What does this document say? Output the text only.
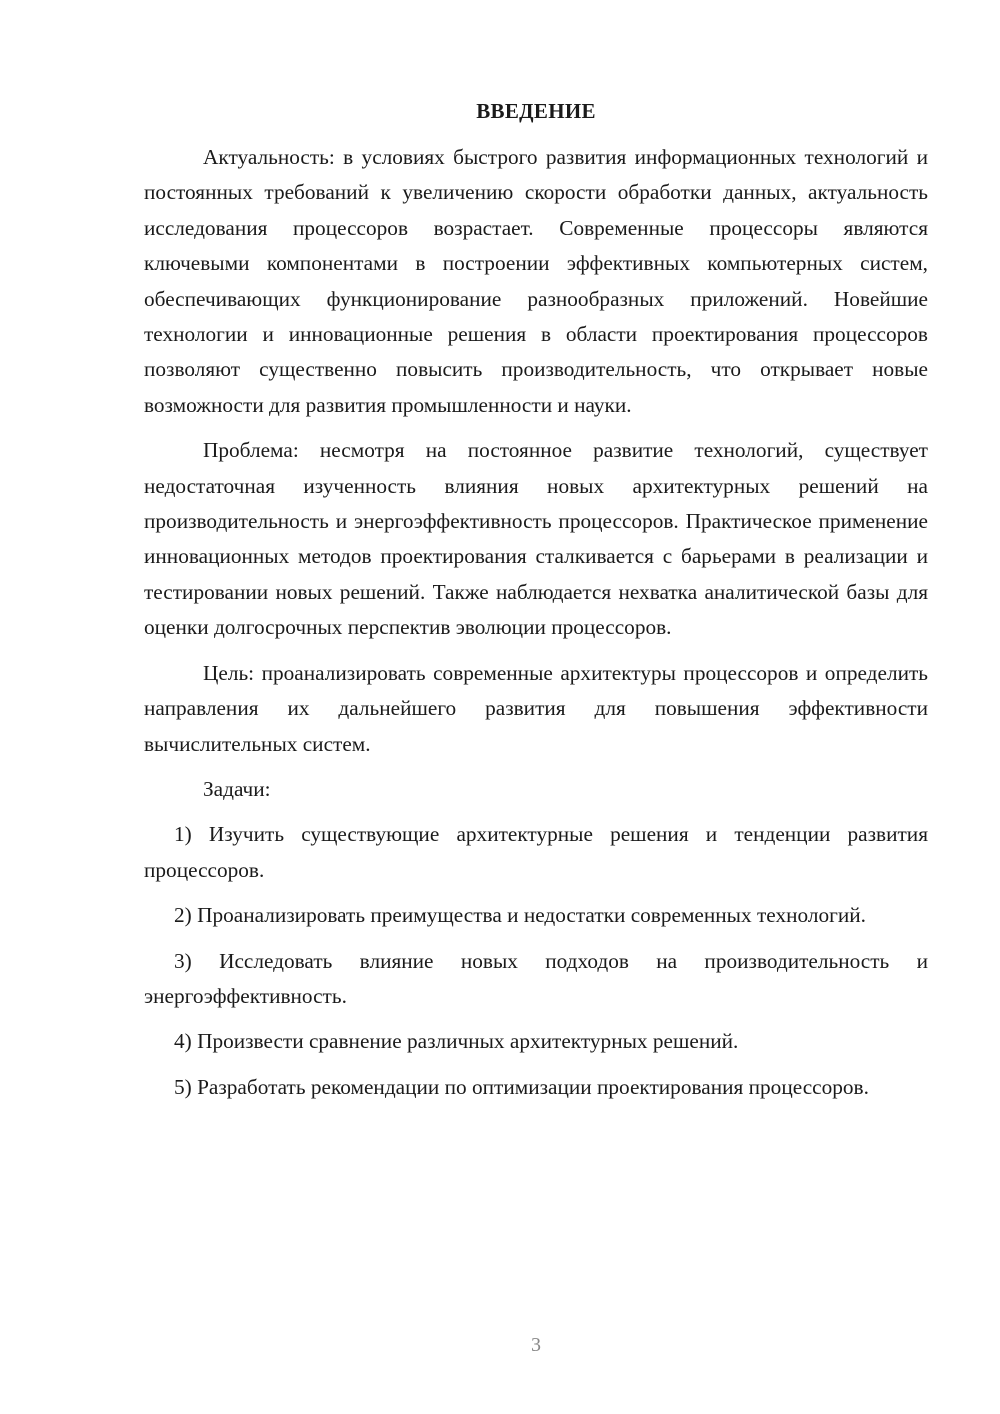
ВВЕДЕНИЕ

Актуальность: в условиях быстрого развития информационных технологий и постоянных требований к увеличению скорости обработки данных, актуальность исследования процессоров возрастает. Современные процессоры являются ключевыми компонентами в построении эффективных компьютерных систем, обеспечивающих функционирование разнообразных приложений. Новейшие технологии и инновационные решения в области проектирования процессоров позволяют существенно повысить производительность, что открывает новые возможности для развития промышленности и науки.

Проблема: несмотря на постоянное развитие технологий, существует недостаточная изученность влияния новых архитектурных решений на производительность и энергоэффективность процессоров. Практическое применение инновационных методов проектирования сталкивается с барьерами в реализации и тестировании новых решений. Также наблюдается нехватка аналитической базы для оценки долгосрочных перспектив эволюции процессоров.

Цель: проанализировать современные архитектуры процессоров и определить направления их дальнейшего развития для повышения эффективности вычислительных систем.

Задачи:

1) Изучить существующие архитектурные решения и тенденции развития процессоров.

2) Проанализировать преимущества и недостатки современных технологий.

3) Исследовать влияние новых подходов на производительность и энергоэффективность.

4) Произвести сравнение различных архитектурных решений.

5) Разработать рекомендации по оптимизации проектирования процессоров.

3
